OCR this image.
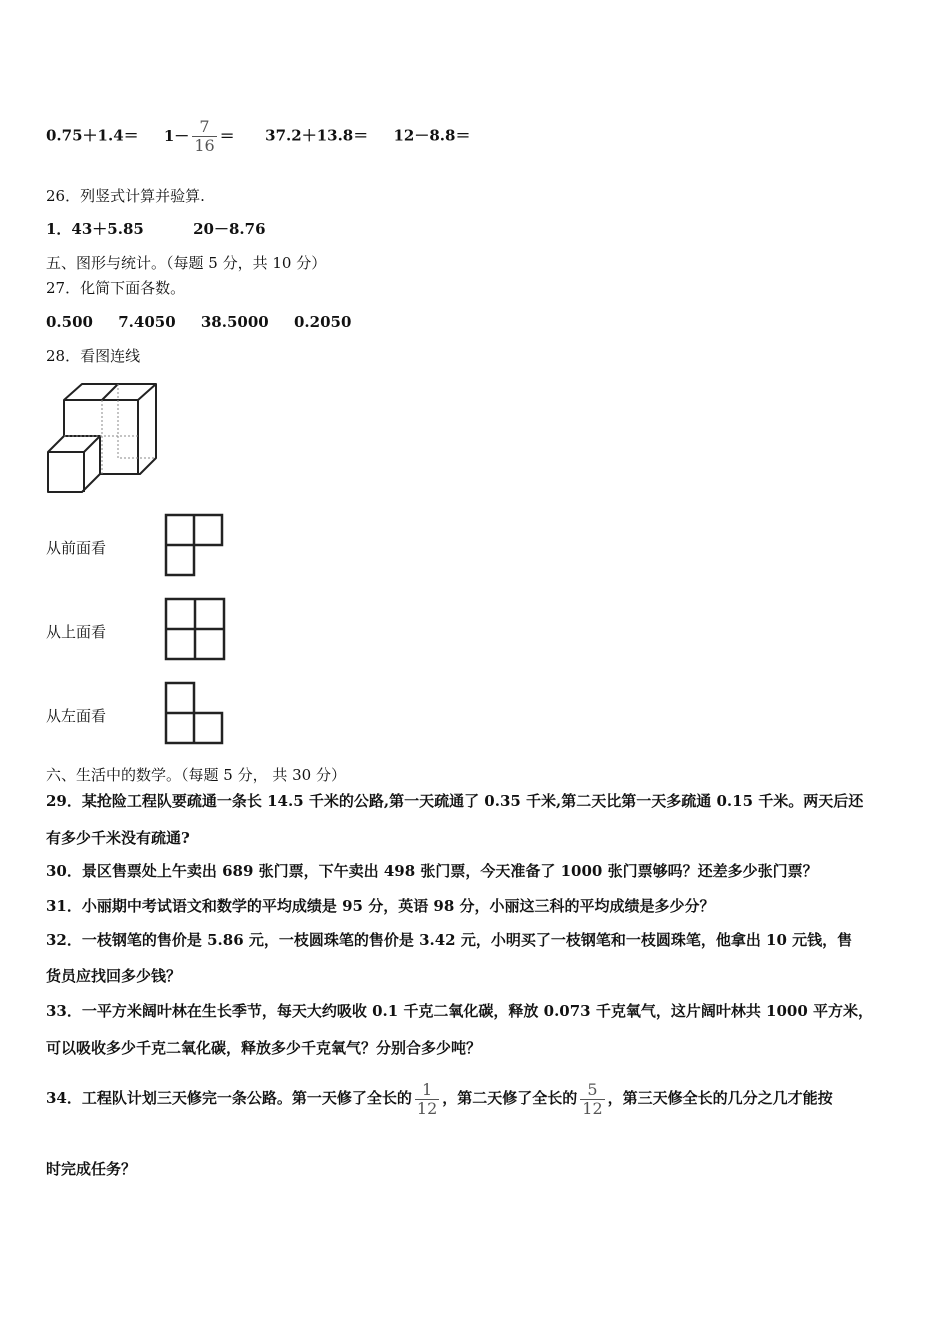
$0.75+1.4= 1- \frac{7}{16} = 37.2+13.8= 12-8.8=$
26．列竖式计算并验算.
1．43＋5.85	20－8.76
五、图形与统计。（每题 5 分，共 10 分）
27．化简下面各数。
0.500 7.4050 38.5000 0.2050
28．看图连线
从前面看
从上面看
从左面看
六、生活中的数学。（每题 5 分， 共 30 分）
29．某抢险工程队要疏通一条长 14.5 千米的公路,第一天疏通了 0.35 千米,第二天比第一天多疏通 0.15 千米。两天后还
有多少千米没有疏通?
30．景区售票处上午卖出 689 张门票，下午卖出 498 张门票，今天准备了 1000 张门票够吗？还差多少张门票？
31．小丽期中考试语文和数学的平均成绩是 95 分，英语 98 分，小丽这三科的平均成绩是多少分？
32．一枝钢笔的售价是 5.86 元，一枝圆珠笔的售价是 3.42 元，小明买了一枝钢笔和一枝圆珠笔，他拿出 10 元钱，售
货员应找回多少钱？
33．一平方米阔叶林在生长季节，每天大约吸收 0.1 千克二氧化碳，释放 0.073 千克氧气，这片阔叶林共 1000 平方米，
可以吸收多少千克二氧化碳，释放多少千克氧气？分别合多少吨？
34．工程队计划三天修完一条公路。第一天修了全长的 $\frac{1}{12}$ ，第二天修了全长的 $\frac{5}{12}$ ，第三天修全长的几分之几才能按
时完成任务？
